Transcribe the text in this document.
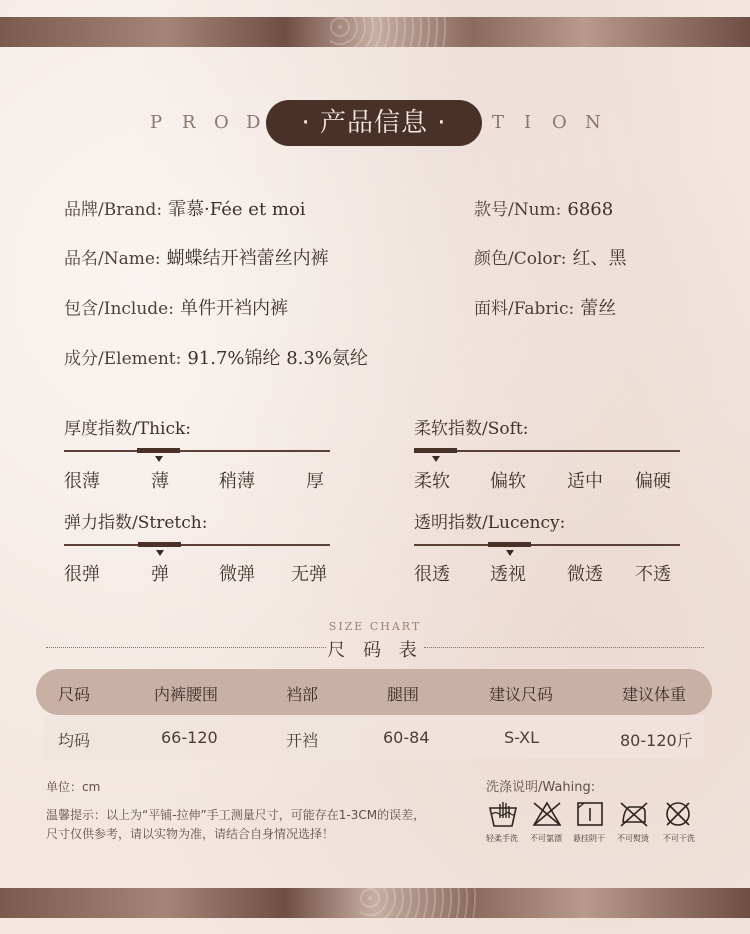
P R O D	T I O N
· 产品信息 ·
品牌/Brand: 霏慕·Fée et moi	款号/Num: 6868
品名/Name: 蝴蝶结开裆蕾丝内裤	颜色/Color: 红、黑
包含/Include: 单件开裆内裤	面料/Fabric: 蕾丝
成分/Element: 91.7%锦纶 8.3%氨纶
厚度指数/Thick:
很薄	薄	稍薄	厚
柔软指数/Soft:
柔软 偏软 适中 偏硬
弹力指数/Stretch:
很弹	弹	微弹 无弹
透明指数/Lucency:
很透 透视 微透 不透
SIZE CHART
尺 码 表
尺码	内裤腰围	裆部	腿围	建议尺码	建议体重
均码	66-120	开裆	60-84	S-XL	80-120斤
单位：cm
温馨提示：以上为“平铺-拉伸”手工测量尺寸，可能存在1-3CM的误差，
尺寸仅供参考，请以实物为准，请结合自身情况选择！
洗涤说明/Wahing:
轻柔手洗 不可氯漂 悬挂阴干 不可熨烫 不可干洗
